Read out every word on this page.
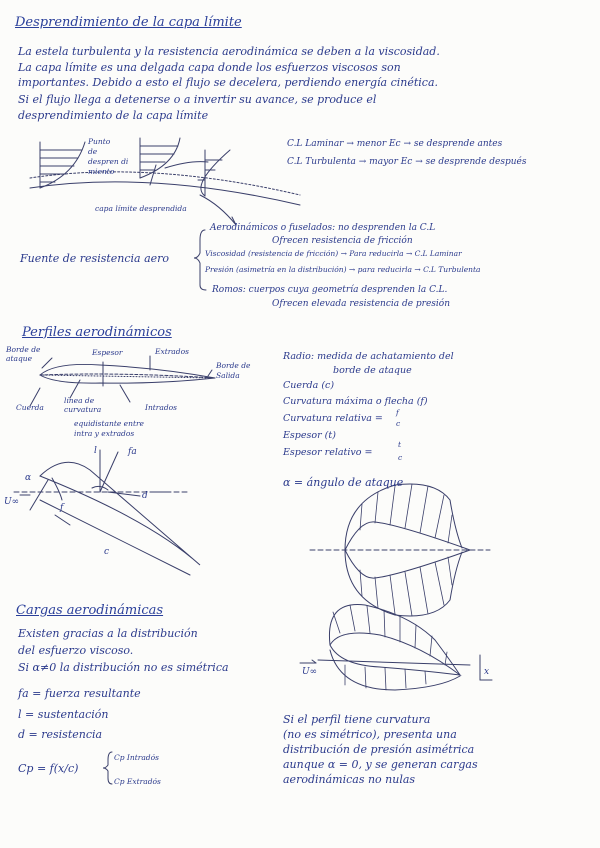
Desprendimiento de la capa límite
La estela turbulenta y la resistencia aerodinámica se deben a la viscosidad.
La capa límite es una delgada capa donde los esfuerzos viscosos son
importantes. Debido a esto el flujo se decelera, perdiendo energía cinética.
Si el flujo llega a detenerse o a invertir su avance, se produce el
desprendimiento de la capa límite
Punto
de
despren di
miento
capa límite desprendida
C.L Laminar → menor Ec → se desprende antes
C.L Turbulenta → mayor Ec → se desprende después
Fuente de resistencia aero
Aerodinámicos o fuselados: no desprenden la C.L
Ofrecen resistencia de fricción
Viscosidad (resistencia de fricción) → Para reducirla → C.L Laminar
Presión (asimetría en la distribución) → para reducirla → C.L Turbulenta
Romos: cuerpos cuya geometría desprenden la C.L.
Ofrecen elevada resistencia de presión
Perfiles aerodinámicos
Borde de
ataque
Espesor	Extrados
Borde de
Salida
Cuerda
línea de
curvatura	Intrados
equidistante entre
intra y extrados
Radio: medida de achatamiento del
borde de ataque
Cuerda (c)
Curvatura máxima o flecha (f)
Curvatura relativa =
f
c
Espesor (t)
Espesor relativo =
t
c
α = ángulo de ataque
α
U∞
l	fa
d
c
f
Cargas aerodinámicas
Existen gracias a la distribución
del esfuerzo viscoso.
Si α≠0 la distribución no es simétrica
fa = fuerza resultante
l = sustentación
d = resistencia
Cp = f(x/c)
Cp Intradós
Cp Extradós
U∞	x
Si el perfil tiene curvatura
(no es simétrico), presenta una
distribución de presión asimétrica
aunque α = 0, y se generan cargas
aerodinámicas no nulas
